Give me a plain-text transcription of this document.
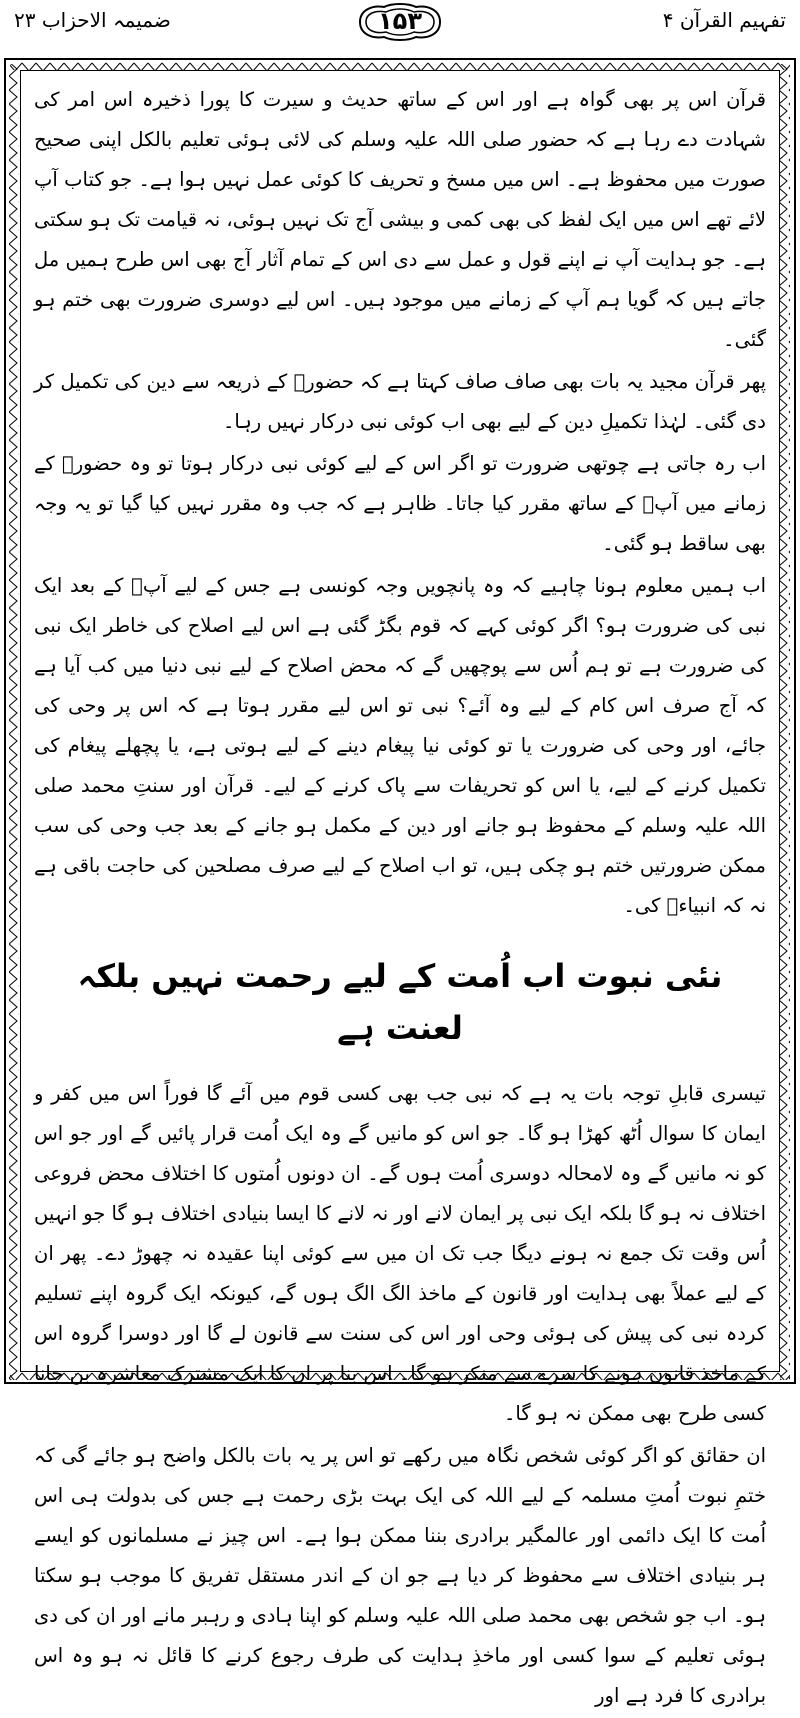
ضمیمہ الاحزاب ۲۳	۱۵۳	تفہیم القرآن ۴

قرآن اس پر بھی گواہ ہے اور اس کے ساتھ حدیث و سیرت کا پورا ذخیرہ اس امر کی شہادت دے رہا ہے کہ حضور صلی اللہ علیہ وسلم کی لائی ہوئی تعلیم بالکل اپنی صحیح صورت میں محفوظ ہے۔ اس میں مسخ و تحریف کا کوئی عمل نہیں ہوا ہے۔ جو کتاب آپ لائے تھے اس میں ایک لفظ کی بھی کمی و بیشی آج تک نہیں ہوئی، نہ قیامت تک ہو سکتی ہے۔ جو ہدایت آپ نے اپنے قول و عمل سے دی اس کے تمام آثار آج بھی اس طرح ہمیں مل جاتے ہیں کہ گویا ہم آپ کے زمانے میں موجود ہیں۔ اس لیے دوسری ضرورت بھی ختم ہو گئی۔

پھر قرآن مجید یہ بات بھی صاف صاف کہتا ہے کہ حضورؐ کے ذریعہ سے دین کی تکمیل کر دی گئی۔ لہٰذا تکمیلِ دین کے لیے بھی اب کوئی نبی درکار نہیں رہا۔

اب رہ جاتی ہے چوتھی ضرورت تو اگر اس کے لیے کوئی نبی درکار ہوتا تو وہ حضورؐ کے زمانے میں آپؐ کے ساتھ مقرر کیا جاتا۔ ظاہر ہے کہ جب وہ مقرر نہیں کیا گیا تو یہ وجہ بھی ساقط ہو گئی۔

اب ہمیں معلوم ہونا چاہیے کہ وہ پانچویں وجہ کونسی ہے جس کے لیے آپؐ کے بعد ایک نبی کی ضرورت ہو؟ اگر کوئی کہے کہ قوم بگڑ گئی ہے اس لیے اصلاح کی خاطر ایک نبی کی ضرورت ہے تو ہم اُس سے پوچھیں گے کہ محض اصلاح کے لیے نبی دنیا میں کب آیا ہے کہ آج صرف اس کام کے لیے وہ آئے؟ نبی تو اس لیے مقرر ہوتا ہے کہ اس پر وحی کی جائے، اور وحی کی ضرورت یا تو کوئی نیا پیغام دینے کے لیے ہوتی ہے، یا پچھلے پیغام کی تکمیل کرنے کے لیے، یا اس کو تحریفات سے پاک کرنے کے لیے۔ قرآن اور سنتِ محمد صلی اللہ علیہ وسلم کے محفوظ ہو جانے اور دین کے مکمل ہو جانے کے بعد جب وحی کی سب ممکن ضرورتیں ختم ہو چکی ہیں، تو اب اصلاح کے لیے صرف مصلحین کی حاجت باقی ہے نہ کہ انبیاءؑ کی۔

نئی نبوت اب اُمت کے لیے رحمت نہیں بلکہ لعنت ہے

تیسری قابلِ توجہ بات یہ ہے کہ نبی جب بھی کسی قوم میں آئے گا فوراً اس میں کفر و ایمان کا سوال اُٹھ کھڑا ہو گا۔ جو اس کو مانیں گے وہ ایک اُمت قرار پائیں گے اور جو اس کو نہ مانیں گے وہ لامحالہ دوسری اُمت ہوں گے۔ ان دونوں اُمتوں کا اختلاف محض فروعی اختلاف نہ ہو گا بلکہ ایک نبی پر ایمان لانے اور نہ لانے کا ایسا بنیادی اختلاف ہو گا جو انہیں اُس وقت تک جمع نہ ہونے دیگا جب تک ان میں سے کوئی اپنا عقیدہ نہ چھوڑ دے۔ پھر ان کے لیے عملاً بھی ہدایت اور قانون کے ماخذ الگ الگ ہوں گے، کیونکہ ایک گروہ اپنے تسلیم کردہ نبی کی پیش کی ہوئی وحی اور اس کی سنت سے قانون لے گا اور دوسرا گروہ اس کے ماخذِ قانون ہونے کا سرے سے منکر ہو گا۔ اس بنا پر ان کا ایک مشترک معاشرہ بن جانا کسی طرح بھی ممکن نہ ہو گا۔

ان حقائق کو اگر کوئی شخص نگاہ میں رکھے تو اس پر یہ بات بالکل واضح ہو جائے گی کہ ختمِ نبوت اُمتِ مسلمہ کے لیے اللہ کی ایک بہت بڑی رحمت ہے جس کی بدولت ہی اس اُمت کا ایک دائمی اور عالمگیر برادری بننا ممکن ہوا ہے۔ اس چیز نے مسلمانوں کو ایسے ہر بنیادی اختلاف سے محفوظ کر دیا ہے جو ان کے اندر مستقل تفریق کا موجب ہو سکتا ہو۔ اب جو شخص بھی محمد صلی اللہ علیہ وسلم کو اپنا ہادی و رہبر مانے اور ان کی دی ہوئی تعلیم کے سوا کسی اور ماخذِ ہدایت کی طرف رجوع کرنے کا قائل نہ ہو وہ اس برادری کا فرد ہے اور
